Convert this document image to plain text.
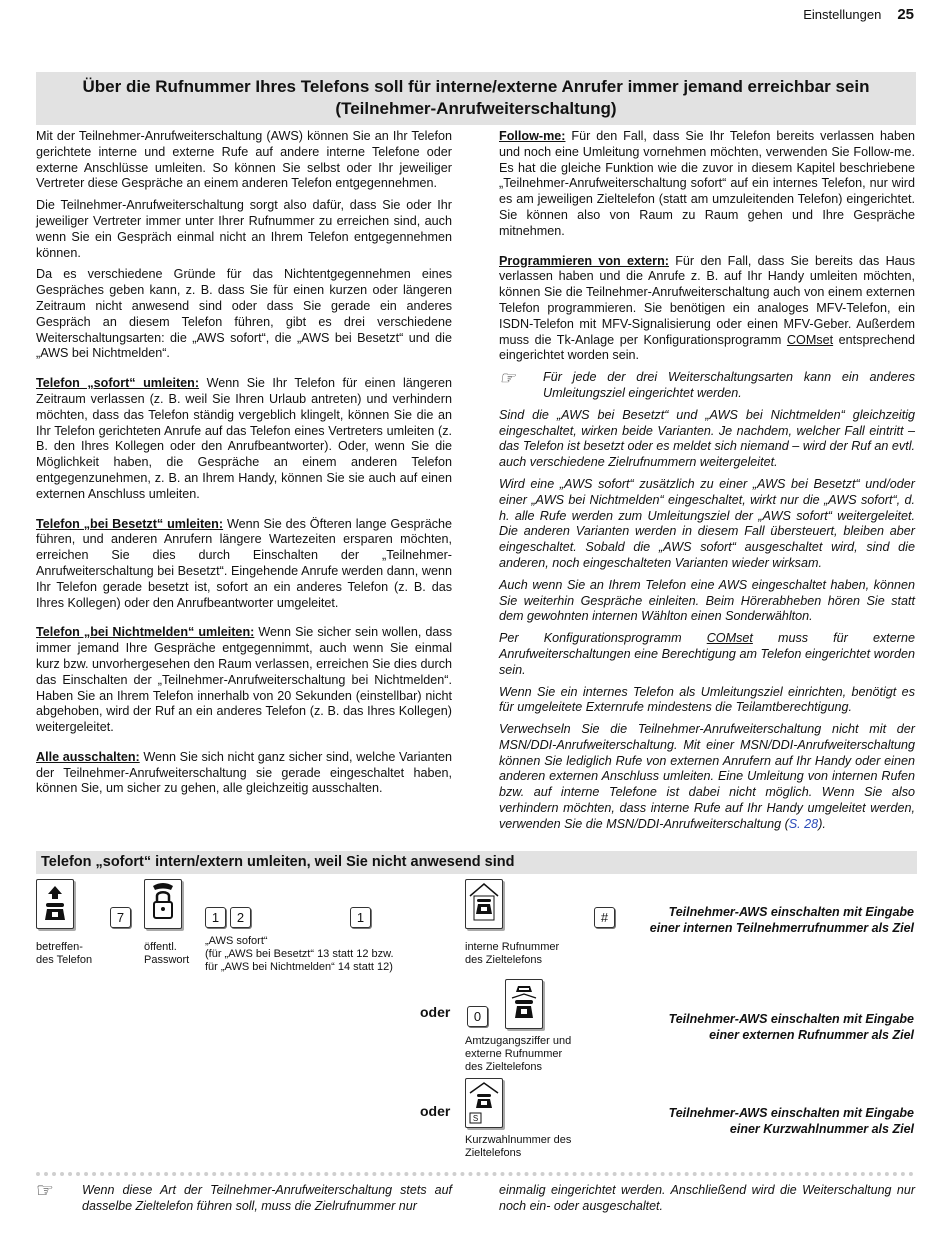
Einstellungen 25
Über die Rufnummer Ihres Telefons soll für interne/externe Anrufer immer jemand erreichbar sein
(Teilnehmer-Anrufweiterschaltung)

Mit der Teilnehmer-Anrufweiterschaltung (AWS) können Sie an Ihr Telefon gerichtete interne und externe Rufe auf andere interne Telefone oder externe Anschlüsse umleiten. So können Sie selbst oder Ihr jeweiliger Vertreter diese Gespräche an einem anderen Telefon entgegennehmen.

Die Teilnehmer-Anrufweiterschaltung sorgt also dafür, dass Sie oder Ihr jeweiliger Vertreter immer unter Ihrer Rufnummer zu erreichen sind, auch wenn Sie ein Gespräch einmal nicht an Ihrem Telefon entgegennehmen können.

Da es verschiedene Gründe für das Nichtentgegennehmen eines Gespräches geben kann, z. B. dass Sie für einen kurzen oder längeren Zeitraum nicht anwesend sind oder dass Sie gerade ein anderes Gespräch an diesem Telefon führen, gibt es drei verschiedene Weiterschaltungsarten: die „AWS sofort“, die „AWS bei Besetzt“ und die „AWS bei Nichtmelden“.

Telefon „sofort“ umleiten: Wenn Sie Ihr Telefon für einen längeren Zeitraum verlassen (z. B. weil Sie Ihren Urlaub antreten) und verhindern möchten, dass das Telefon ständig vergeblich klingelt, können Sie die an Ihr Telefon gerichteten Anrufe auf das Telefon eines Vertreters umleiten (z. B. den Ihres Kollegen oder den Anrufbeantworter). Oder, wenn Sie die Möglichkeit haben, die Gespräche an einem anderen Telefon entgegenzunehmen, z. B. an Ihrem Handy, können Sie sie auch auf einen externen Anschluss umleiten.

Telefon „bei Besetzt“ umleiten: Wenn Sie des Öfteren lange Gespräche führen, und anderen Anrufern längere Wartezeiten ersparen möchten, erreichen Sie dies durch Einschalten der „Teilnehmer-Anrufweiterschaltung bei Besetzt“. Eingehende Anrufe werden dann, wenn Ihr Telefon gerade besetzt ist, sofort an ein anderes Telefon (z. B. das Ihres Kollegen) oder den Anrufbeantworter umgeleitet.

Telefon „bei Nichtmelden“ umleiten: Wenn Sie sicher sein wollen, dass immer jemand Ihre Gespräche entgegennimmt, auch wenn Sie einmal kurz bzw. unvorhergesehen den Raum verlassen, erreichen Sie dies durch das Einschalten der „Teilnehmer-Anrufweiterschaltung bei Nichtmelden“. Haben Sie an Ihrem Telefon innerhalb von 20 Sekunden (einstellbar) nicht abgehoben, wird der Ruf an ein anderes Telefon (z. B. das Ihres Kollegen) weitergeleitet.

Alle ausschalten: Wenn Sie sich nicht ganz sicher sind, welche Varianten der Teilnehmer-Anrufweiterschaltung sie gerade eingeschaltet haben, können Sie, um sicher zu gehen, alle gleichzeitig ausschalten.

Follow-me: Für den Fall, dass Sie Ihr Telefon bereits verlassen haben und noch eine Umleitung vornehmen möchten, verwenden Sie Follow-me. Es hat die gleiche Funktion wie die zuvor in diesem Kapitel beschriebene „Teilnehmer-Anrufweiterschaltung sofort“ auf ein internes Telefon, nur wird es am jeweiligen Zieltelefon (statt am umzuleitenden Telefon) eingerichtet. Sie können also von Raum zu Raum gehen und Ihre Gespräche mitnehmen.

Programmieren von extern: Für den Fall, dass Sie bereits das Haus verlassen haben und die Anrufe z. B. auf Ihr Handy umleiten möchten, können Sie die Teilnehmer-Anrufweiterschaltung auch von einem externen Telefon programmieren. Sie benötigen ein analoges MFV-Telefon, ein ISDN-Telefon mit MFV-Signalisierung oder einen MFV-Geber. Außerdem muss die Tk-Anlage per Konfigurationsprogramm COMset entsprechend eingerichtet worden sein.

☞	Für jede der drei Weiterschaltungsarten kann ein anderes Umleitungsziel eingerichtet werden.

Sind die „AWS bei Besetzt“ und „AWS bei Nichtmelden“ gleichzeitig eingeschaltet, wirken beide Varianten. Je nachdem, welcher Fall eintritt – das Telefon ist besetzt oder es meldet sich niemand – wird der Ruf an evtl. auch verschiedene Zielrufnummern weitergeleitet.

Wird eine „AWS sofort“ zusätzlich zu einer „AWS bei Besetzt“ und/oder einer „AWS bei Nichtmelden“ eingeschaltet, wirkt nur die „AWS sofort“, d. h. alle Rufe werden zum Umleitungsziel der „AWS sofort“ weitergeleitet. Die anderen Varianten werden in diesem Fall übersteuert, bleiben aber eingeschaltet. Sobald die „AWS sofort“ ausgeschaltet wird, sind die anderen, noch eingeschalteten Varianten wieder wirksam.

Auch wenn Sie an Ihrem Telefon eine AWS eingeschaltet haben, können Sie weiterhin Gespräche einleiten. Beim Hörerabheben hören Sie statt dem gewohnten internen Wählton einen Sonderwählton.

Per Konfigurationsprogramm COMset muss für externe Anrufweiterschaltungen eine Berechtigung am Telefon eingerichtet worden sein.

Wenn Sie ein internes Telefon als Umleitungsziel einrichten, benötigt es für umgeleitete Externrufe mindestens die Teilamtberechtigung.

Verwechseln Sie die Teilnehmer-Anrufweiterschaltung nicht mit der MSN/DDI-Anrufweiterschaltung. Mit einer MSN/DDI-Anrufweiterschaltung können Sie lediglich Rufe von externen Anrufern auf Ihr Handy oder einen anderen externen Anschluss umleiten. Eine Umleitung von internen Rufen bzw. auf interne Telefone ist dabei nicht möglich. Wenn Sie also verhindern möchten, dass interne Rufe auf Ihr Handy umgeleitet werden, verwenden Sie die MSN/DDI-Anrufweiterschaltung (S. 28).

Telefon „sofort“ intern/extern umleiten, weil Sie nicht anwesend sind
7	1	2	1	#
betreffen-
des Telefon
öffentl.
Passwort
„AWS sofort“
(für „AWS bei Besetzt“ 13 statt 12 bzw.
für „AWS bei Nichtmelden“ 14 statt 12)
interne Rufnummer
des Zieltelefons
Teilnehmer-AWS einschalten mit Eingabe einer internen Teilnehmerrufnummer als Ziel
oder	0
Amtzugangsziffer und
externe Rufnummer
des Zieltelefons
Teilnehmer-AWS einschalten mit Eingabe einer externen Rufnummer als Ziel
oder	S
Kurzwahlnummer des
Zieltelefons
Teilnehmer-AWS einschalten mit Eingabe einer Kurzwahlnummer als Ziel
☞	Wenn diese Art der Teilnehmer-Anrufweiterschaltung stets auf dasselbe Zieltelefon führen soll, muss die Zielrufnummer nur
einmalig eingerichtet werden. Anschließend wird die Weiterschaltung nur noch ein- oder ausgeschaltet.
